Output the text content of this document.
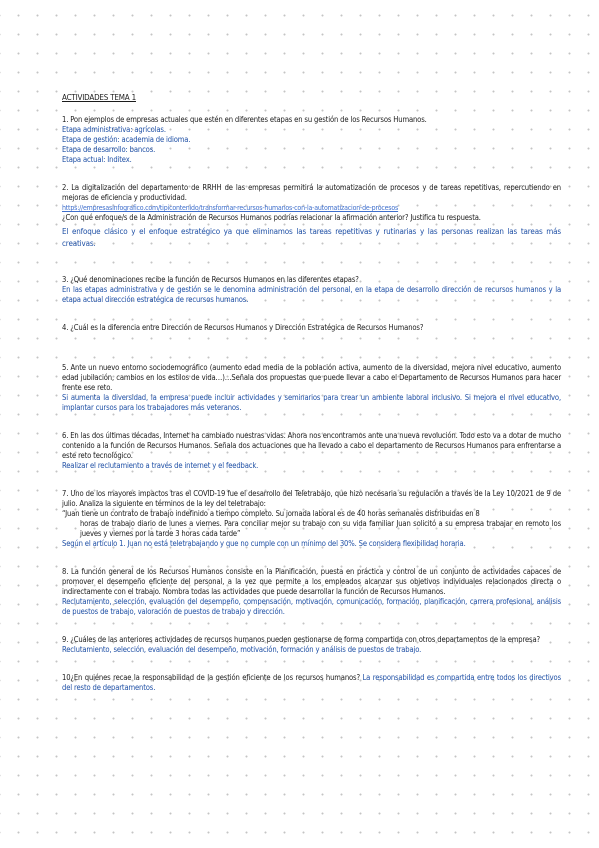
ACTIVIDADES TEMA 1

1. Pon ejemplos de empresas actuales que estén en diferentes etapas en su gestión de los Recursos Humanos.

Etapa administrativa: agrícolas.

Etapa de gestión: academia de idioma.

Etapa de desarrollo: bancos.

Etapa actual: Inditex.

2. La digitalización del departamento de RRHH de las empresas permitirá la automatización de procesos y de tareas repetitivas, repercutiendo en mejoras de eficiencia y productividad.

https://empresasinfografico.com/tipicontenido/transformar-recursos-humanos-con-la-automatizacion-de-procesos

¿Con qué enfoque/s de la Administración de Recursos Humanos podrías relacionar la afirmación anterior? Justifica tu respuesta.

El enfoque clásico y el enfoque estratégico ya que eliminamos las tareas repetitivas y rutinarias y las personas realizan las tareas más creativas.

3. ¿Qué denominaciones recibe la función de Recursos Humanos en las diferentes etapas?

En las etapas administrativa y de gestión se le denomina administración del personal, en la etapa de desarrollo dirección de recursos humanos y la etapa actual dirección estratégica de recursos humanos.

4. ¿Cuál es la diferencia entre Dirección de Recursos Humanos y Dirección Estratégica de Recursos Humanos?

5. Ante un nuevo entorno sociodemográfico (aumento edad media de la población activa, aumento de la diversidad, mejora nivel educativo, aumento edad jubilación, cambios en los estilos de vida…)…Señala dos propuestas que puede llevar a cabo el Departamento de Recursos Humanos para hacer frente ese reto.

Si aumenta la diversidad, la empresa puede incluir actividades y seminarios para crear un ambiente laboral inclusivo. Si mejora el nivel educativo, implantar cursos para los trabajadores más veteranos.

6. En las dos últimas décadas, Internet ha cambiado nuestras vidas. Ahora nos encontramos ante una nueva revolución. Todo esto va a dotar de mucho contenido a la función de Recursos Humanos. Señala dos actuaciones que ha llevado a cabo el departamento de Recursos Humanos para enfrentarse a este reto tecnológico.

Realizar el reclutamiento a través de internet y el feedback.

7. Uno de los mayores impactos tras el COVID-19 fue el desarrollo del Teletrabajo, que hizo necesaria su regulación a través de la Ley 10/2021 de 9 de julio. Analiza la siguiente en términos de la ley del teletrabajo:

“Juan tiene un contrato de trabajo indefinido a tiempo completo. Su jornada laboral es de 40 horas semanales distribuidas en 8
horas de trabajo diario de lunes a viernes. Para conciliar mejor su trabajo con su vida familiar Juan solicitó a su empresa trabajar en remoto los jueves y viernes por la tarde 3 horas cada tarde”

Según el artículo 1. Juan no está teletrabajando y que no cumple con un mínimo del 30%. Se considera flexibilidad horaria.

8. La función general de los Recursos Humanos consiste en la Planificación, puesta en práctica y control de un conjunto de actividades capaces de promover el desempeño eficiente del personal, a la vez que permite a los empleados alcanzar sus objetivos individuales relacionados directa o indirectamente con el trabajo. Nombra todas las actividades que puede desarrollar la función de Recursos Humanos.

Reclutamiento, selección, evaluación del desempeño, compensación, motivación, comunicación, formación, planificación, carrera profesional, análisis de puestos de trabajo, valoración de puestos de trabajo y dirección.

9. ¿Cuáles de las anteriores actividades de recursos humanos pueden gestionarse de forma compartida con otros departamentos de la empresa?

Reclutamiento, selección, evaluación del desempeño, motivación, formación y análisis de puestos de trabajo.

10¿En quiénes recae la responsabilidad de la gestión eficiente de los recursos humanos? La responsabilidad es compartida entre todos los directivos del resto de departamentos.
